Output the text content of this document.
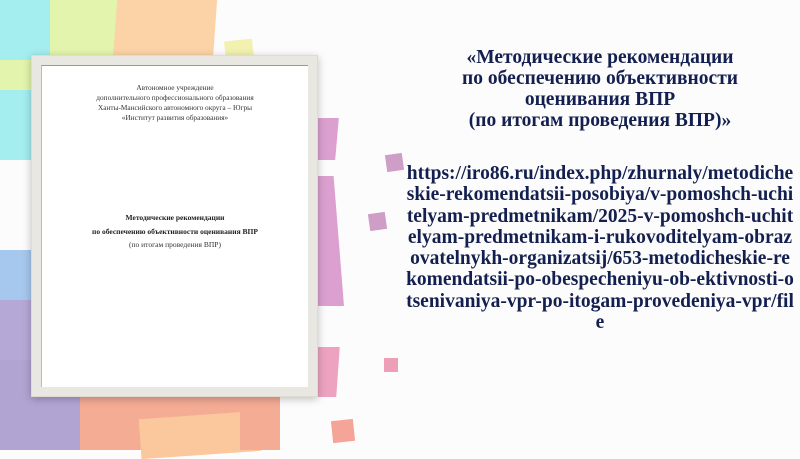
Автономное учреждение
дополнительного профессионального образования
Ханты-Мансийского автономного округа – Югры
«Институт развития образования»
Методические рекомендации
по обеспечению объективности оценивания ВПР
(по итогам проведения ВПР)
«Методические рекомендации
по обеспечению объективности
оценивания ВПР
(по итогам проведения ВПР)»
https://iro86.ru/index.php/zhurnaly/metodicheskie-rekomendatsii-posobiya/v-pomoshch-uchitelyam-predmetnikam/2025-v-pomoshch-uchitelyam-predmetnikam-i-rukovoditelyam-obrazovatelnykh-organizatsij/653-metodicheskie-rekomendatsii-po-obespecheniyu-ob-ektivnosti-otsenivaniya-vpr-po-itogam-provedeniya-vpr/file
